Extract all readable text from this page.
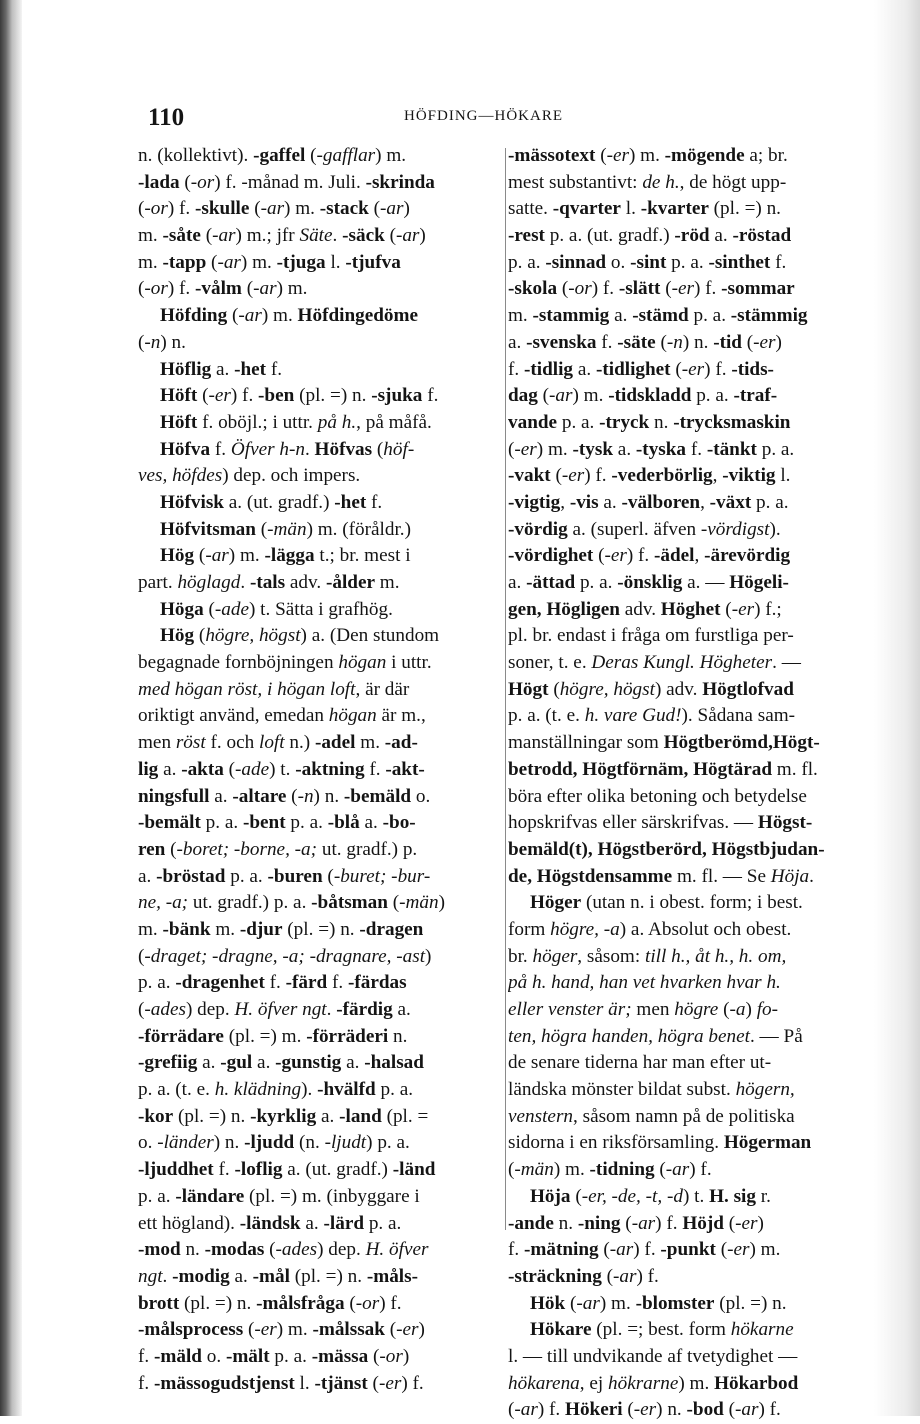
110	HÖFDING—HÖKARE
n. (kollektivt). -gaffel (-gafflar) m.
-lada (-or) f. -månad m. Juli. -skrinda
(-or) f. -skulle (-ar) m. -stack (-ar)
m. -såte (-ar) m.; jfr Säte. -säck (-ar)
m. -tapp (-ar) m. -tjuga l. -tjufva
(-or) f. -vålm (-ar) m.
Höfding (-ar) m. Höfdingedöme
(-n) n.
Höflig a. -het f.
Höft (-er) f. -ben (pl. =) n. -sjuka f.
Höft f. oböjl.; i uttr. på h., på måfå.
Höfva f. Öfver h-n. Höfvas (höf-
ves, höfdes) dep. och impers.
Höfvisk a. (ut. gradf.) -het f.
Höfvitsman (-män) m. (föråldr.)
Hög (-ar) m. -lägga t.; br. mest i
part. höglagd. -tals adv. -ålder m.
Höga (-ade) t. Sätta i grafhög.
Hög (högre, högst) a. (Den stundom
begagnade fornböjningen högan i uttr.
med högan röst, i högan loft, är där
oriktigt använd, emedan högan är m.,
men röst f. och loft n.) -adel m. -ad-
lig a. -akta (-ade) t. -aktning f. -akt-
ningsfull a. -altare (-n) n. -bemäld o.
-bemält p. a. -bent p. a. -blå a. -bo-
ren (-boret; -borne, -a; ut. gradf.) p.
a. -bröstad p. a. -buren (-buret; -bur-
ne, -a; ut. gradf.) p. a. -båtsman (-män)
m. -bänk m. -djur (pl. =) n. -dragen
(-draget; -dragne, -a; -dragnare, -ast)
p. a. -dragenhet f. -färd f. -färdas
(-ades) dep. H. öfver ngt. -färdig a.
-förrädare (pl. =) m. -förräderi n.
-grefiig a. -gul a. -gunstig a. -halsad
p. a. (t. e. h. klädning). -hvälfd p. a.
-kor (pl. =) n. -kyrklig a. -land (pl. =
o. -länder) n. -ljudd (n. -ljudt) p. a.
-ljuddhet f. -loflig a. (ut. gradf.) -länd
p. a. -ländare (pl. =) m. (inbyggare i
ett högland). -ländsk a. -lärd p. a.
-mod n. -modas (-ades) dep. H. öfver
ngt. -modig a. -mål (pl. =) n. -måls-
brott (pl. =) n. -målsfråga (-or) f.
-målsprocess (-er) m. -målssak (-er)
f. -mäld o. -mält p. a. -mässa (-or)
f. -mässogudstjenst l. -tjänst (-er) f.
-mässotext (-er) m. -mögende a; br.
mest substantivt: de h., de högt upp-
satte. -qvarter l. -kvarter (pl. =) n.
-rest p. a. (ut. gradf.) -röd a. -röstad
p. a. -sinnad o. -sint p. a. -sinthet f.
-skola (-or) f. -slätt (-er) f. -sommar
m. -stammig a. -stämd p. a. -stämmig
a. -svenska f. -säte (-n) n. -tid (-er)
f. -tidlig a. -tidlighet (-er) f. -tids-
dag (-ar) m. -tidskladd p. a. -traf-
vande p. a. -tryck n. -trycksmaskin
(-er) m. -tysk a. -tyska f. -tänkt p. a.
-vakt (-er) f. -vederbörlig, -viktig l.
-vigtig, -vis a. -välboren, -växt p. a.
-vördig a. (superl. äfven -vördigst).
-vördighet (-er) f. -ädel, -ärevördig
a. -ättad p. a. -önsklig a. — Högeli-
gen, Högligen adv. Höghet (-er) f.;
pl. br. endast i fråga om furstliga per-
soner, t. e. Deras Kungl. Högheter. —
Högt (högre, högst) adv. Högtlofvad
p. a. (t. e. h. vare Gud!). Sådana sam-
manställningar som Högtberömd,Högt-
betrodd, Högtförnäm, Högtärad m. fl.
böra efter olika betoning och betydelse
hopskrifvas eller särskrifvas. — Högst-
bemäld(t), Högstberörd, Högstbjudan-
de, Högstdensamme m. fl. — Se Höja.
Höger (utan n. i obest. form; i best.
form högre, -a) a. Absolut och obest.
br. höger, såsom: till h., åt h., h. om,
på h. hand, han vet hvarken hvar h.
eller venster är; men högre (-a) fo-
ten, högra handen, högra benet. — På
de senare tiderna har man efter ut-
ländska mönster bildat subst. högern,
venstern, såsom namn på de politiska
sidorna i en riksförsamling. Högerman
(-män) m. -tidning (-ar) f.
Höja (-er, -de, -t, -d) t. H. sig r.
-ande n. -ning (-ar) f. Höjd (-er)
f. -mätning (-ar) f. -punkt (-er) m.
-sträckning (-ar) f.
Hök (-ar) m. -blomster (pl. =) n.
Hökare (pl. =; best. form hökarne
l. — till undvikande af tvetydighet —
hökarena, ej hökrarne) m. Hökarbod
(-ar) f. Hökeri (-er) n. -bod (-ar) f.
